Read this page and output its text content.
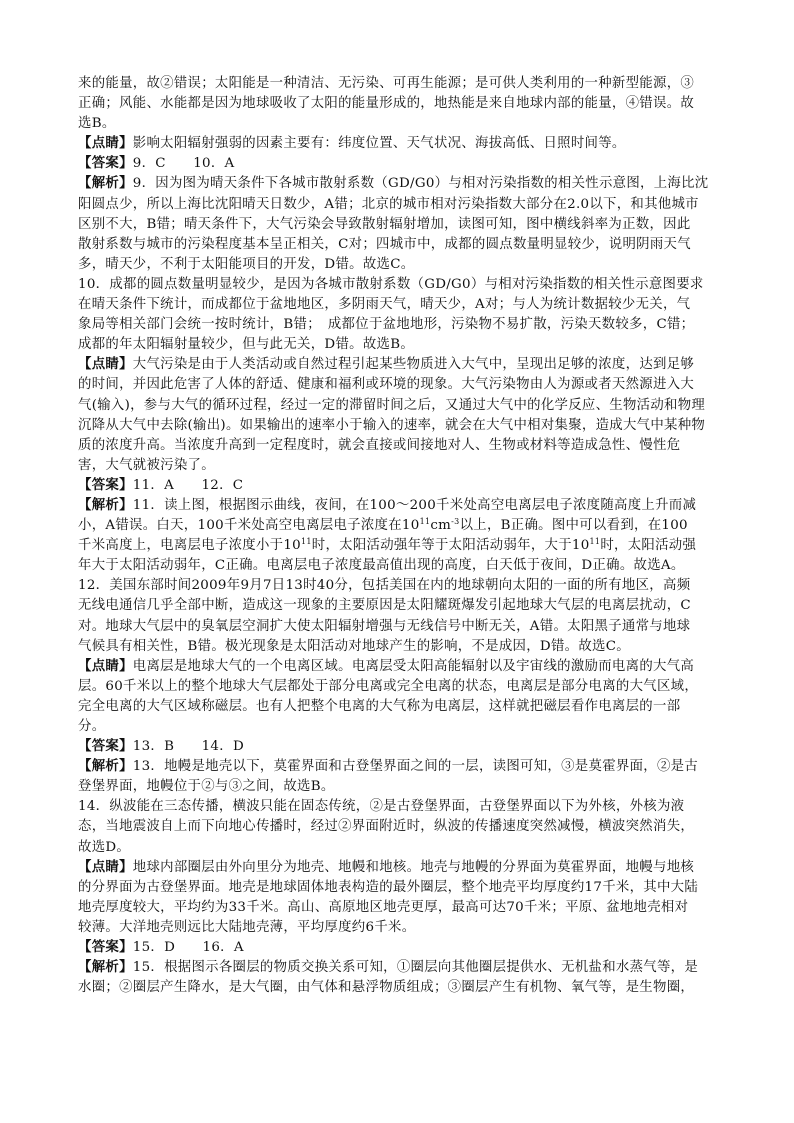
来的能量，故②错误；太阳能是一种清洁、无污染、可再生能源；是可供人类利用的一种新型能源，③
正确；风能、水能都是因为地球吸收了太阳的能量形成的，地热能是来自地球内部的能量，④错误。故
选B。
【点睛】影响太阳辐射强弱的因素主要有：纬度位置、天气状况、海拔高低、日照时间等。
【答案】9．C　　10．A
【解析】9．因为图为晴天条件下各城市散射系数（GD/G0）与相对污染指数的相关性示意图，上海比沈
阳圆点少，所以上海比沈阳晴天日数少，A错；北京的城市相对污染指数大部分在2.0以下，和其他城市
区别不大，B错；晴天条件下，大气污染会导致散射辐射增加，读图可知，图中横线斜率为正数，因此
散射系数与城市的污染程度基本呈正相关，C对；四城市中，成都的圆点数量明显较少，说明阴雨天气
多，晴天少，不利于太阳能项目的开发，D错。故选C。
10．成都的圆点数量明显较少，是因为各城市散射系数（GD/G0）与相对污染指数的相关性示意图要求
在晴天条件下统计，而成都位于盆地地区，多阴雨天气，晴天少，A对；与人为统计数据较少无关，气
象局等相关部门会统一按时统计，B错；　成都位于盆地地形，污染物不易扩散，污染天数较多，C错；
成都的年太阳辐射量较少，但与此无关，D错。故选B。
【点睛】大气污染是由于人类活动或自然过程引起某些物质进入大气中，呈现出足够的浓度，达到足够
的时间，并因此危害了人体的舒适、健康和福利或环境的现象。大气污染物由人为源或者天然源进入大
气(输入)，参与大气的循环过程，经过一定的滞留时间之后，又通过大气中的化学反应、生物活动和物理
沉降从大气中去除(输出)。如果输出的速率小于输入的速率，就会在大气中相对集聚，造成大气中某种物
质的浓度升高。当浓度升高到一定程度时，就会直接或间接地对人、生物或材料等造成急性、慢性危
害，大气就被污染了。
【答案】11．A　　12．C
【解析】11．读上图，根据图示曲线，夜间，在100～200千米处高空电离层电子浓度随高度上升而减
小，A错误。白天，100千米处高空电离层电子浓度在$10^{11}cm^{-3}$以上，B正确。图中可以看到，在100
千米高度上，电离层电子浓度小于$10^{11}$时，太阳活动强年等于太阳活动弱年，大于$10^{11}$时，太阳活动强
年大于太阳活动弱年，C正确。电离层电子浓度最高值出现的高度，白天低于夜间，D正确。故选A。
12．美国东部时间2009年9月7日13时40分，包括美国在内的地球朝向太阳的一面的所有地区，高频
无线电通信几乎全部中断，造成这一现象的主要原因是太阳耀斑爆发引起地球大气层的电离层扰动，C
对。地球大气层中的臭氧层空洞扩大使太阳辐射增强与无线信号中断无关，A错。太阳黑子通常与地球
气候具有相关性，B错。极光现象是太阳活动对地球产生的影响，不是成因，D错。故选C。
【点睛】电离层是地球大气的一个电离区域。电离层受太阳高能辐射以及宇宙线的激励而电离的大气高
层。60千米以上的整个地球大气层都处于部分电离或完全电离的状态，电离层是部分电离的大气区域，
完全电离的大气区域称磁层。也有人把整个电离的大气称为电离层，这样就把磁层看作电离层的一部
分。
【答案】13．B　　14．D
【解析】13．地幔是地壳以下，莫霍界面和古登堡界面之间的一层，读图可知，③是莫霍界面，②是古
登堡界面，地幔位于②与③之间，故选B。
14．纵波能在三态传播，横波只能在固态传统，②是古登堡界面，古登堡界面以下为外核，外核为液
态，当地震波自上而下向地心传播时，经过②界面附近时，纵波的传播速度突然减慢，横波突然消失，
故选D。
【点睛】地球内部圈层由外向里分为地壳、地幔和地核。地壳与地幔的分界面为莫霍界面，地幔与地核
的分界面为古登堡界面。地壳是地球固体地表构造的最外圈层，整个地壳平均厚度约17千米，其中大陆
地壳厚度较大，平均约为33千米。高山、高原地区地壳更厚，最高可达70千米；平原、盆地地壳相对
较薄。大洋地壳则远比大陆地壳薄，平均厚度约6千米。
【答案】15．D　　16．A
【解析】15．根据图示各圈层的物质交换关系可知，①圈层向其他圈层提供水、无机盐和水蒸气等，是
水圈；②圈层产生降水，是大气圈，由气体和悬浮物质组成；③圈层产生有机物、氧气等，是生物圈，
